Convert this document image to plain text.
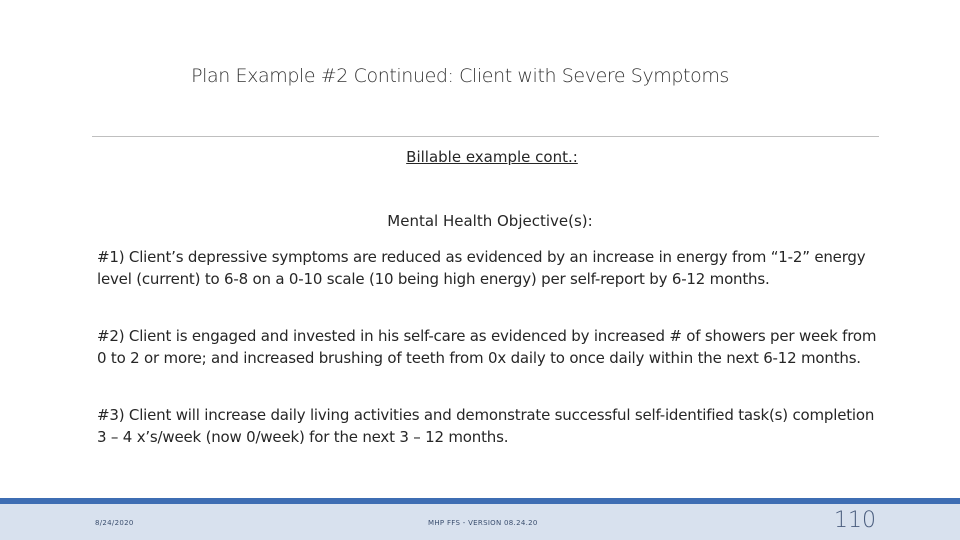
Plan Example #2 Continued: Client with Severe Symptoms
Billable example cont.:
Mental Health Objective(s):
#1) Client’s depressive symptoms are reduced as evidenced by an increase in energy from “1-2” energy level (current) to 6-8 on a 0-10 scale (10 being high energy) per self-report by 6-12 months.
#2) Client is engaged and invested in his self-care as evidenced by increased # of showers per week from 0 to 2 or more; and increased brushing of teeth from 0x daily to once daily within the next 6-12 months.
#3) Client will increase daily living activities and demonstrate successful self-identified task(s) completion 3 – 4 x’s/week (now 0/week) for the next 3 – 12 months.
8/24/2020	MHP FFS - VERSION 08.24.20	110
